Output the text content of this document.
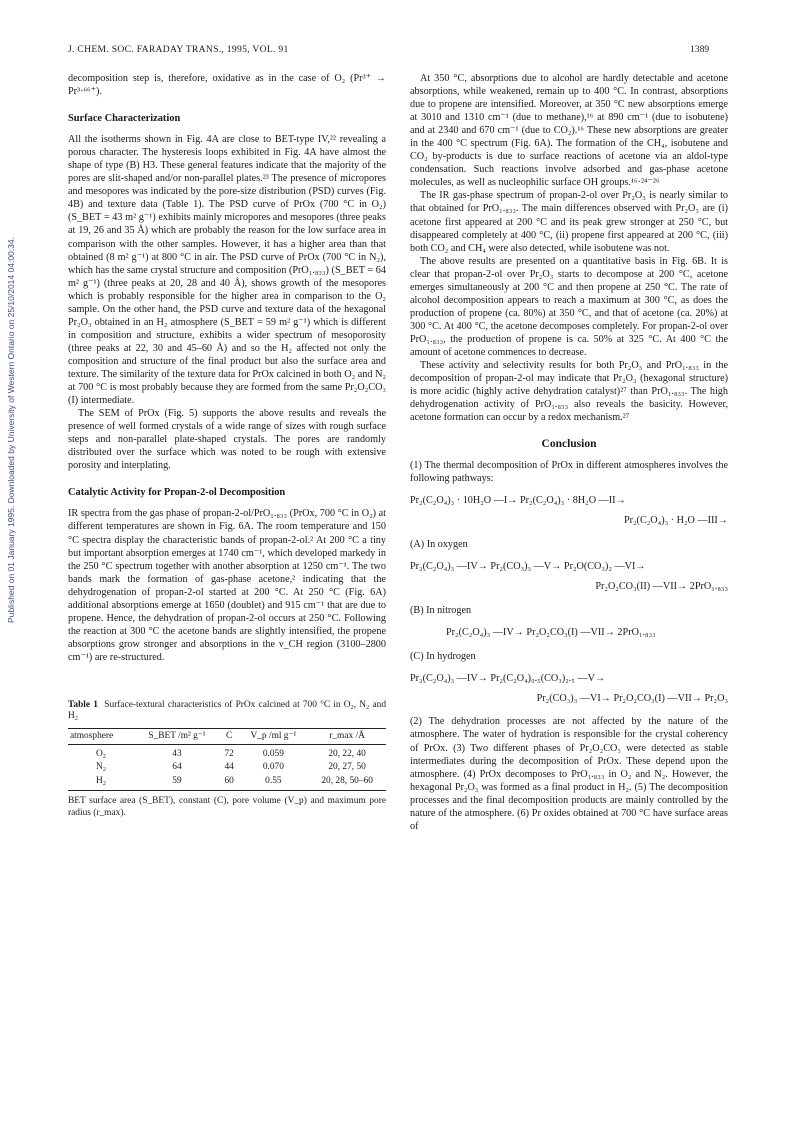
Published on 01 January 1995. Downloaded by University of Western Ontario on 25/10/2014 04:00:34.
J. CHEM. SOC. FARADAY TRANS., 1995, VOL. 91	1389

decomposition step is, therefore, oxidative as in the case of O₂ (Pr³⁺ → Pr³·⁶⁶⁺).

Surface Characterization

All the isotherms shown in Fig. 4A are close to BET-type IV,²² revealing a porous character. The hysteresis loops exhibited in Fig. 4A have almost the shape of type (B) H3. These general features indicate that the majority of the pores are slit-shaped and/or non-parallel plates.²³ The presence of micropores and mesopores was indicated by the pore-size distribution (PSD) curves (Fig. 4B) and texture data (Table 1). The PSD curve of PrOx (700 °C in O₂) (S_BET = 43 m² g⁻¹) exhibits mainly micropores and mesopores (three peaks at 19, 26 and 35 Å) which are probably the reason for the low surface area in comparison with the other samples. However, it has a higher area than that obtained (8 m² g⁻¹) at 800 °C in air. The PSD curve of PrOx (700 °C in N₂), which has the same crystal structure and composition (PrO₁.₈₃₃) (S_BET = 64 m² g⁻¹) (three peaks at 20, 28 and 40 Å), shows growth of the mesopores which is probably responsible for the higher area in comparison to the O₂ sample. On the other hand, the PSD curve and texture data of the hexagonal Pr₂O₃ obtained in an H₂ atmosphere (S_BET = 59 m² g⁻¹) which is different in composition and structure, exhibits a wider spectrum of mesoporosity (three peaks at 22, 30 and 45–60 Å) and so the H₂ affected not only the composition and structure of the final product but also the surface area and texture. The similarity of the texture data for PrOx calcined in both O₂ and N₂ at 700 °C is most probably because they are formed from the same Pr₂O₂CO₃ (I) intermediate.

The SEM of PrOx (Fig. 5) supports the above results and reveals the presence of well formed crystals of a wide range of sizes with rough surface steps and non-parallel plate-shaped crystals. The pores are randomly distributed over the surface which was noted to be rough with extensive porosity and interplating.

Catalytic Activity for Propan-2-ol Decomposition

IR spectra from the gas phase of propan-2-ol/PrO₁.₈₃₃ (PrOx, 700 °C in O₂) at different temperatures are shown in Fig. 6A. The room temperature and 150 °C spectra display the characteristic bands of propan-2-ol.² At 200 °C a tiny but important absorption emerges at 1740 cm⁻¹, which developed markedy in the 250 °C spectrum together with another absorption at 1250 cm⁻¹. The two bands mark the formation of gas-phase acetone,² indicating that the dehydrogenation of propan-2-ol started at 200 °C. At 250 °C (Fig. 6A) additional absorptions emerge at 1650 (doublet) and 915 cm⁻¹ that are due to propene. Hence, the dehydration of propan-2-ol occurs at 250 °C. Following the reaction at 300 °C the acetone bands are slightly intensified, the propene absorptions grow stronger and absorptions in the ν_CH region (3100–2800 cm⁻¹) are re-structured.

Table 1 Surface-textural characteristics of PrOx calcined at 700 °C in O₂, N₂ and H₂
atmosphere	S_BET /m² g⁻¹	C	V_p /ml g⁻¹	r_max /Å
O₂	43	72	0.059	20, 22, 40
N₂	64	44	0.070	20, 27, 50
H₂	59	60	0.55	20, 28, 50–60
BET surface area (S_BET), constant (C), pore volume (V_p) and maximum pore radius (r_max).

At 350 °C, absorptions due to alcohol are hardly detectable and acetone absorptions, while weakened, remain up to 400 °C. In contrast, absorptions due to propene are intensified. Moreover, at 350 °C new absorptions emerge at 3010 and 1310 cm⁻¹ (due to methane),¹⁶ at 890 cm⁻¹ (due to isobutene) and at 2340 and 670 cm⁻¹ (due to CO₂).¹⁶ These new absorptions are greater in the 400 °C spectrum (Fig. 6A). The formation of the CH₄, isobutene and CO₂ by-products is due to surface reactions of acetone via an aldol-type condensation. Such reactions involve adsorbed and gas-phase acetone molecules, as well as nucleophilic surface OH groups.¹⁶·²⁴⁻²⁶

The IR gas-phase spectrum of propan-2-ol over Pr₂O₃ is nearly similar to that obtained for PrO₁.₈₃₃. The main differences observed with Pr₂O₃ are (i) acetone first appeared at 200 °C and its peak grew stronger at 250 °C, but disappeared completely at 400 °C, (ii) propene first appeared at 200 °C, (iii) both CO₂ and CH₄ were also detected, while isobutene was not.

The above results are presented on a quantitative basis in Fig. 6B. It is clear that propan-2-ol over Pr₂O₃ starts to decompose at 200 °C, acetone emerges simultaneously at 200 °C and then propene at 250 °C. The rate of alcohol decomposition appears to reach a maximum at 300 °C, as does the production of propene (ca. 80%) at 350 °C, and that of acetone (ca. 20%) at 300 °C. At 400 °C, the acetone decomposes completely. For propan-2-ol over PrO₁.₈₃₃, the production of propene is ca. 50% at 325 °C. At 400 °C the amount of acetone commences to decrease.

These activity and selectivity results for both Pr₂O₃ and PrO₁.₈₃₃ in the decomposition of propan-2-ol may indicate that Pr₂O₃ (hexagonal structure) is more acidic (highly active dehydration catalyst)²⁷ than PrO₁.₈₃₃. The high dehydrogenation activity of PrO₁.₈₃₃ also reveals the basicity. However, acetone formation can occur by a redox mechanism.²⁷

Conclusion

(1) The thermal decomposition of PrOx in different atmospheres involves the following pathways:

Pr₂(C₂O₄)₃ · 10H₂O —I→ Pr₂(C₂O₄)₃ · 8H₂O —II→
Pr₂(C₂O₄)₃ · H₂O —III→
(A) In oxygen
Pr₂(C₂O₄)₃ —IV→ Pr₂(CO₃)₃ —V→ Pr₂O(CO₃)₂ —VI→
Pr₂O₂CO₃(II) —VII→ 2PrO₁.₈₃₃
(B) In nitrogen
Pr₂(C₂O₄)₃ —IV→ Pr₂O₂CO₃(I) —VII→ 2PrO₁.₈₃₃
(C) In hydrogen
Pr₂(C₂O₄)₃ —IV→ Pr₂(C₂O₄)₀.₅(CO₃)₂.₅ —V→
Pr₂(CO₃)₃ —VI→ Pr₂O₂CO₃(I) —VII→ Pr₂O₃

(2) The dehydration processes are not affected by the nature of the atmosphere. The water of hydration is responsible for the crystal coherency of PrOx. (3) Two different phases of Pr₂O₂CO₃ were detected as stable intermediates during the decomposition of PrOx. These depend upon the atmosphere. (4) PrOx decomposes to PrO₁.₈₃₃ in O₂ and N₂. However, the hexagonal Pr₂O₃ was formed as a final product in H₂. (5) The decomposition processes and the final decomposition products are mainly controlled by the nature of the atmosphere. (6) Pr oxides obtained at 700 °C have surface areas of
